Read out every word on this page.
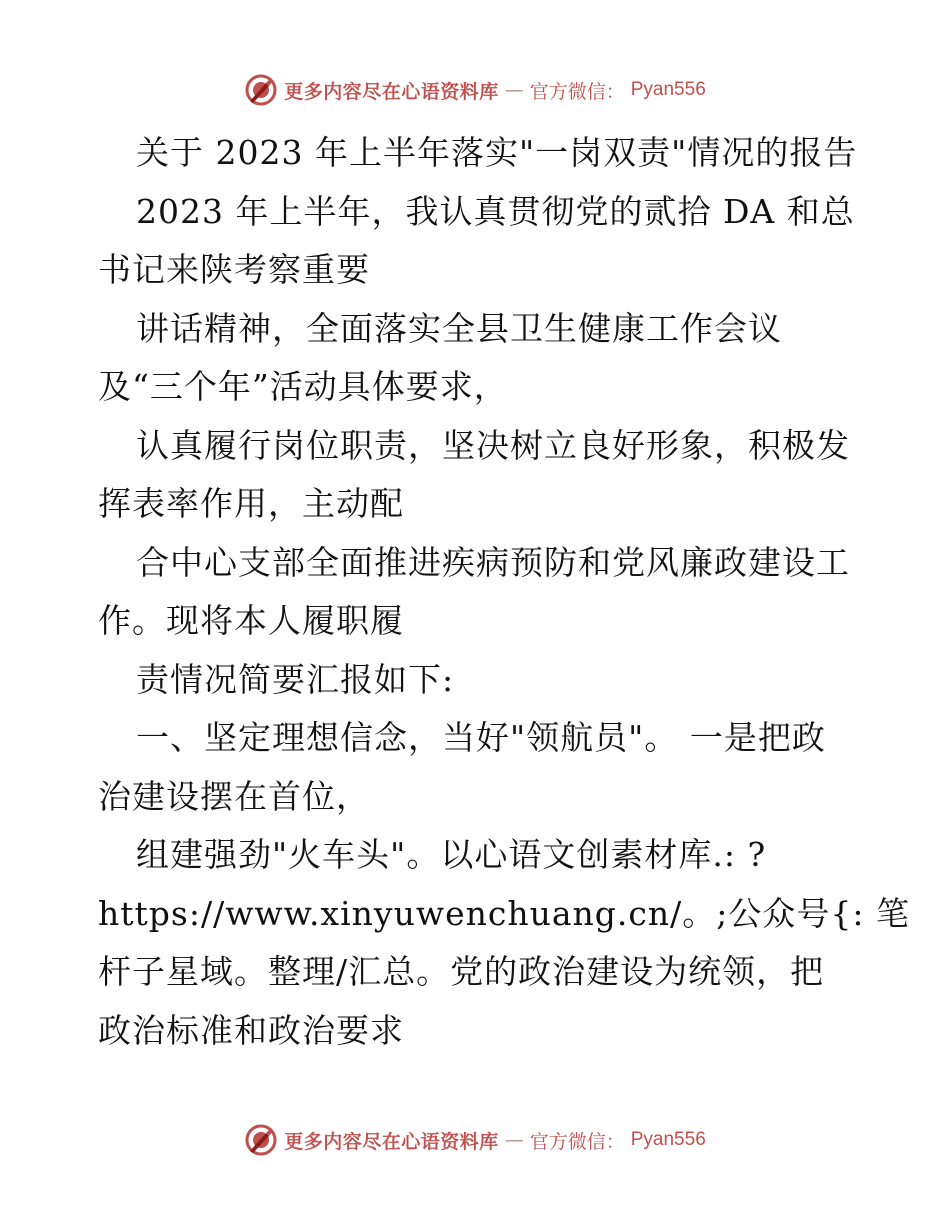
更多内容尽在心语资料库 — 官方微信： Pyan556
关于 2023 年上半年落实"一岗双责"情况的报告
2023 年上半年，我认真贯彻党的贰拾 DA 和总
书记来陕考察重要
讲话精神，全面落实全县卫生健康工作会议
及“三个年”活动具体要求，
认真履行岗位职责，坚决树立良好形象，积极发
挥表率作用，主动配
合中心支部全面推进疾病预防和党风廉政建设工
作。现将本人履职履
责情况简要汇报如下:
一、坚定理想信念，当好"领航员"。 一是把政
治建设摆在首位，
组建强劲"火车头"。以心语文创素材库.: ?
https://www.xinyuwenchuang.cn/。;公众号{: 笔
杆子星域。整理/汇总。党的政治建设为统领，把
政治标准和政治要求
更多内容尽在心语资料库 — 官方微信： Pyan556
